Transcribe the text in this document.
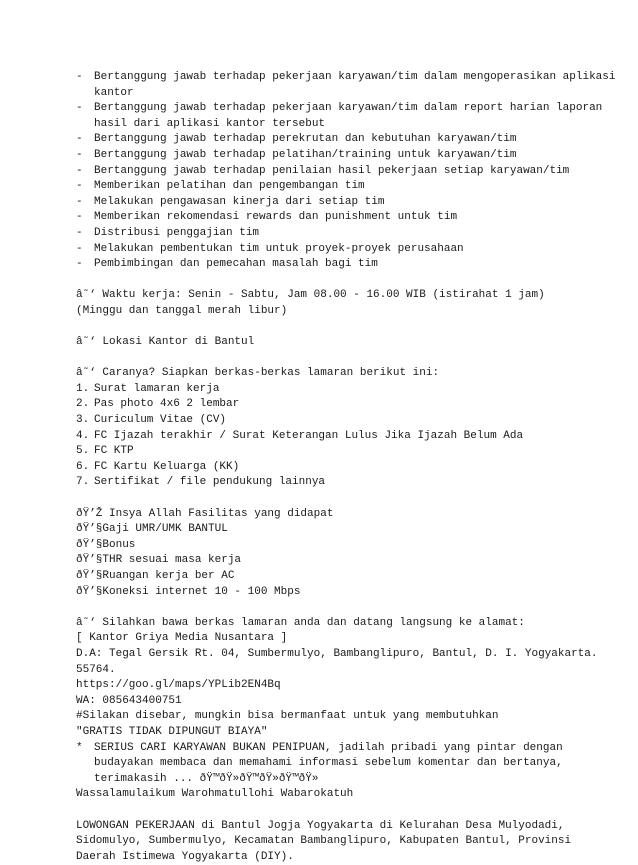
-	Bertanggung jawab terhadap pekerjaan karyawan/tim dalam mengoperasikan aplikasi kantor
-	Bertanggung jawab terhadap pekerjaan karyawan/tim dalam report harian laporan hasil dari aplikasi kantor tersebut
-	Bertanggung jawab terhadap perekrutan dan kebutuhan karyawan/tim
-	Bertanggung jawab terhadap pelatihan/training untuk karyawan/tim
-	Bertanggung jawab terhadap penilaian hasil pekerjaan setiap karyawan/tim
-	Memberikan pelatihan dan pengembangan tim
-	Melakukan pengawasan kinerja dari setiap tim
-	Memberikan rekomendasi rewards dan punishment untuk tim
-	Distribusi penggajian tim
-	Melakukan pembentukan tim untuk proyek-proyek perusahaan
-	Pembimbingan dan pemecahan masalah bagi tim
â˜‘ Waktu kerja: Senin - Sabtu, Jam 08.00 - 16.00 WIB (istirahat 1 jam)
(Minggu dan tanggal merah libur)
â˜‘ Lokasi Kantor di Bantul
â˜‘ Caranya? Siapkan berkas-berkas lamaran berikut ini:
1. Surat lamaran kerja
2. Pas photo 4x6 2 lembar
3. Curiculum Vitae (CV)
4. FC Ijazah terakhir / Surat Keterangan Lulus Jika Ijazah Belum Ada
5. FC KTP
6. FC Kartu Keluarga (KK)
7. Sertifikat / file pendukung lainnya
ðŸ’Ž Insya Allah Fasilitas yang didapat
ðŸ’§Gaji UMR/UMK BANTUL
ðŸ’§Bonus
ðŸ’§THR sesuai masa kerja
ðŸ’§Ruangan kerja ber AC
ðŸ’§Koneksi internet 10 - 100 Mbps
â˜‘ Silahkan bawa berkas lamaran anda dan datang langsung ke alamat:
[ Kantor Griya Media Nusantara ]
D.A: Tegal Gersik Rt. 04, Sumbermulyo, Bambanglipuro, Bantul, D. I. Yogyakarta. 55764.
https://goo.gl/maps/YPLib2EN4Bq
WA: 085643400751
#Silakan disebar, mungkin bisa bermanfaat untuk yang membutuhkan
"GRATIS TIDAK DIPUNGUT BIAYA"
*	SERIUS CARI KARYAWAN BUKAN PENIPUAN, jadilah pribadi yang pintar dengan budayakan membaca dan memahami informasi sebelum komentar dan bertanya, terimakasih ... ðŸ™ðŸ»ðŸ™ðŸ»ðŸ™ðŸ»
Wassalamulaikum Warohmatullohi Wabarokatuh
LOWONGAN PEKERJAAN di Bantul Jogja Yogyakarta di Kelurahan Desa Mulyodadi, Sidomulyo, Sumbermulyo, Kecamatan Bambanglipuro, Kabupaten Bantul, Provinsi Daerah Istimewa Yogyakarta (DIY).
